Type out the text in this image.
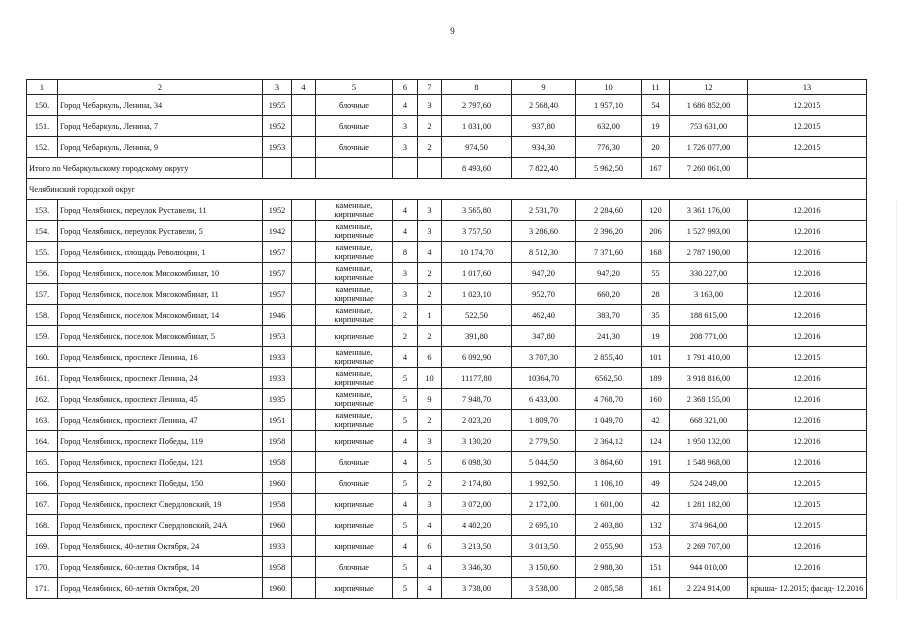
9
1	2	3	4	5	6	7	8	9	10	11	12	13
150.	Город Чебаркуль, Ленина, 34	1955		блочные	4	3	2 797,60	2 568,40	1 957,10	54	1 686 852,00	12.2015
151.	Город Чебаркуль, Ленина, 7	1952		блочные	3	2	1 031,00	937,80	632,00	19	753 631,00	12.2015
152.	Город Чебаркуль, Ленина, 9	1953		блочные	3	2	974,50	934,30	776,30	20	1 726 077,00	12.2015
Итого по Чебаркульскому городскому округу							8 493,60	7 822,40	5 962,50	167	7 260 061,00	
Челябинский городской округ												
153.	Город Челябинск, переулок Руставели, 11	1952		каменные, кирпичные	4	3	3 565,80	2 531,70	2 284,60	120	3 361 176,00	12.2016
154.	Город Челябинск, переулок Руставели, 5	1942		каменные, кирпичные	4	3	3 757,50	3 286,60	2 396,20	206	1 527 993,00	12.2016
155.	Город Челябинск, площадь Революции, 1	1957		каменные, кирпичные	8	4	10 174,70	8 512,30	7 371,60	168	2 787 190,00	12.2016
156.	Город Челябинск, поселок Мясокомбинат, 10	1957		каменные, кирпичные	3	2	1 017,60	947,20	947,20	55	330 227,00	12.2016
157.	Город Челябинск, поселок Мясокомбинат, 11	1957		каменные, кирпичные	3	2	1 023,10	952,70	660,20	28	3 163,00	12.2016
158.	Город Челябинск, поселок Мясокомбинат, 14	1946		каменные, кирпичные	2	1	522,50	462,40	383,70	35	188 615,00	12.2016
159.	Город Челябинск, поселок Мясокомбинат, 5	1953		кирпичные	2	2	391,80	347,80	241,30	19	208 771,00	12.2016
160.	Город Челябинск, проспект Ленина, 16	1933		каменные, кирпичные	4	6	6 092,90	3 707,30	2 855,40	101	1 791 410,00	12.2015
161.	Город Челябинск, проспект Ленина, 24	1933		каменные, кирпичные	5	10	11177,80	10364,70	6562,50	189	3 918 816,00	12.2016
162.	Город Челябинск, проспект Ленина, 45	1935		каменные, кирпичные	5	9	7 948,70	6 433,00	4 768,70	160	2 368 155,00	12.2016
163.	Город Челябинск, проспект Ленина, 47	1951		каменные, кирпичные	5	2	2 023,20	1 809,70	1 049,70	42	668 321,00	12.2016
164.	Город Челябинск, проспект Победы, 119	1958		кирпичные	4	3	3 130,20	2 779,50	2 364,12	124	1 950 132,00	12.2016
165.	Город Челябинск, проспект Победы, 121	1958		блочные	4	5	6 098,30	5 044,50	3 864,60	191	1 548 968,00	12.2016
166.	Город Челябинск, проспект Победы, 150	1960		блочные	5	2	2 174,80	1 992,50	1 106,10	49	524 249,00	12.2015
167.	Город Челябинск, проспект Свердловский, 19	1958		кирпичные	4	3	3 072,00	2 172,00	1 601,00	42	1 281 182,00	12.2015
168.	Город Челябинск, проспект Свердловский, 24А	1960		кирпичные	5	4	4 402,20	2 695,10	2 403,80	132	374 964,00	12.2015
169.	Город Челябинск, 40-летия Октября, 24	1933		кирпичные	4	6	3 213,50	3 013,50	2 055,90	153	2 269 707,00	12.2016
170.	Город Челябинск, 60-летия Октября, 14	1958		блочные	5	4	3 346,30	3 150,60	2 988,30	151	944 010,00	12.2016
171.	Город Челябинск, 60-летия Октября, 20	1960		кирпичные	5	4	3 738,00	3 538,00	2 085,58	161	2 224 914,00	крыша- 12.2015; фасад- 12.2016
